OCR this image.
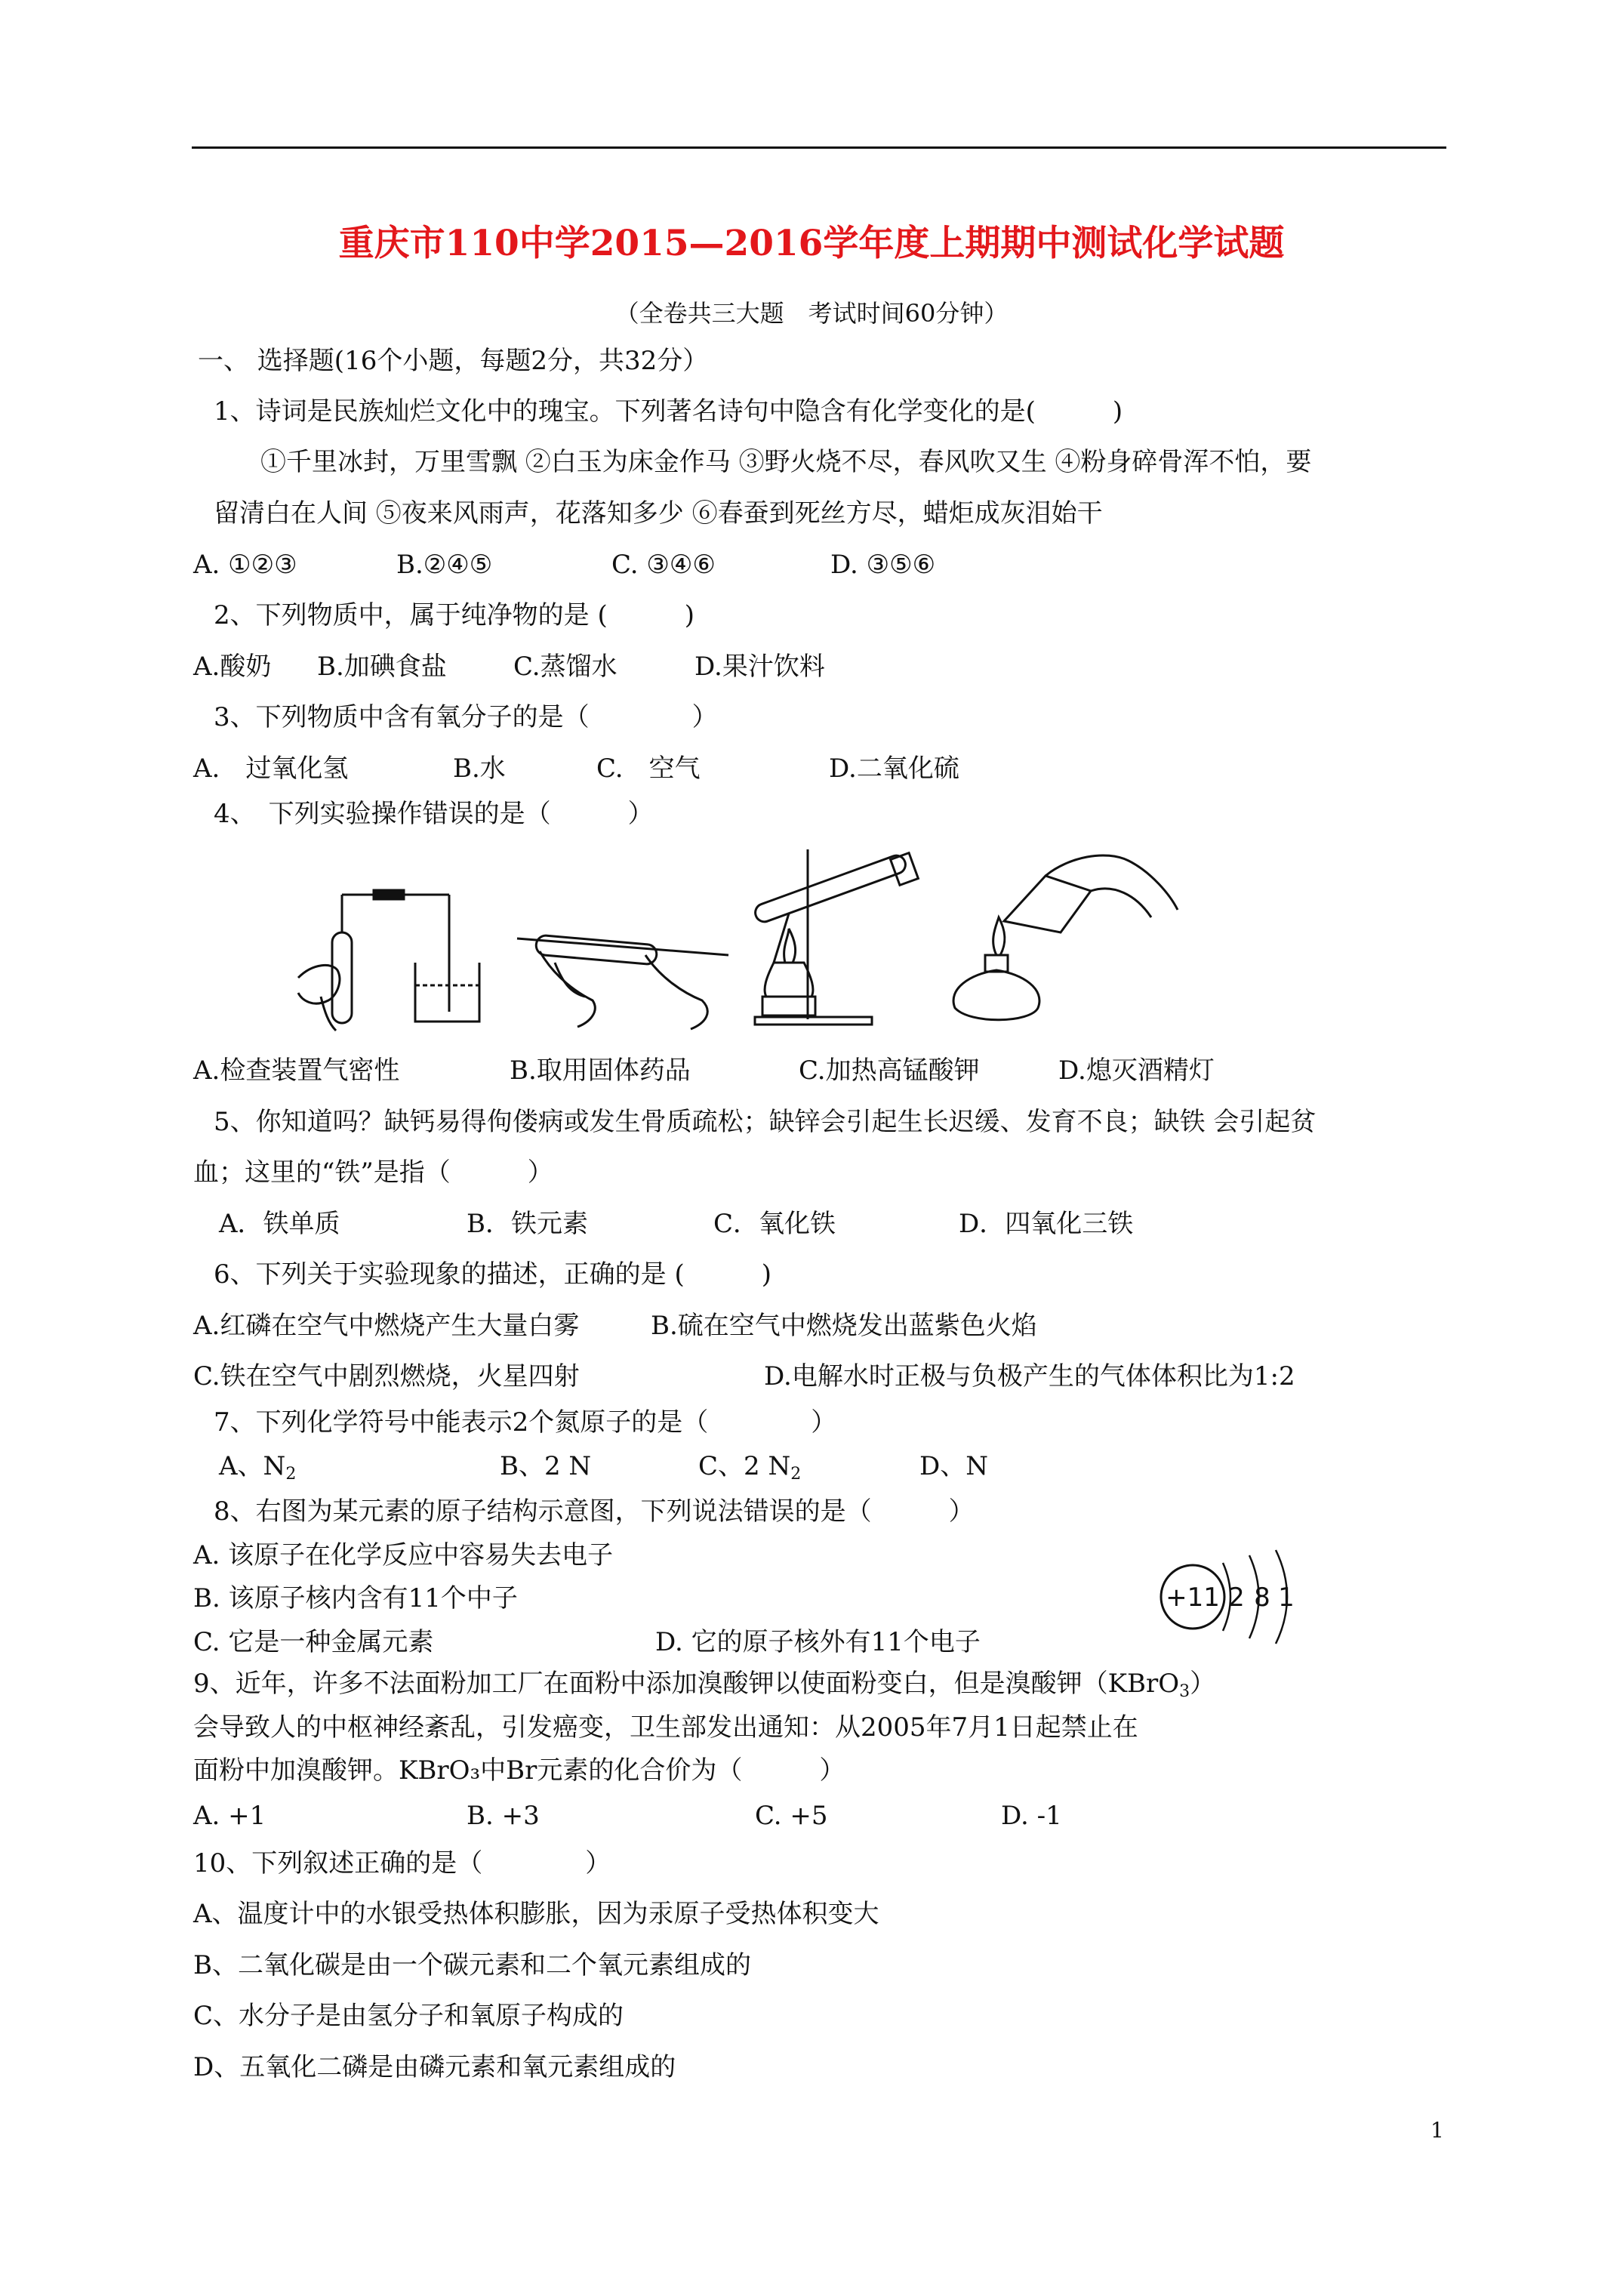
重庆市110中学2015—2016学年度上期期中测试化学试题
（全卷共三大题　考试时间60分钟）
一、 选择题(16个小题，每题2分，共32分）
1、诗词是民族灿烂文化中的瑰宝。下列著名诗句中隐含有化学变化的是(　　　)
①千里冰封，万里雪飘 ②白玉为床金作马 ③野火烧不尽，春风吹又生 ④粉身碎骨浑不怕，要
留清白在人间 ⑤夜来风雨声，花落知多少 ⑥春蚕到死丝方尽，蜡炬成灰泪始干
A. ①②③	B.②④⑤	C. ③④⑥	D. ③⑤⑥
2、下列物质中，属于纯净物的是 (　　　)
A.酸奶 B.加碘食盐	C.蒸馏水	D.果汁饮料
3、下列物质中含有氧分子的是（　　　　）
A.　过氧化氢	B.水	C.　空气	D.二氧化硫
4、　下列实验操作错误的是（　　　）
A.检查装置气密性	B.取用固体药品	C.加热高锰酸钾	D.熄灭酒精灯
5、你知道吗？缺钙易得佝偻病或发生骨质疏松；缺锌会引起生长迟缓、发育不良；缺铁 会引起贫
血；这里的“铁”是指（　　　）
A．铁单质	B．铁元素	C．氧化铁	D．四氧化三铁
6、下列关于实验现象的描述，正确的是 (　　　)
A.红磷在空气中燃烧产生大量白雾	B.硫在空气中燃烧发出蓝紫色火焰
C.铁在空气中剧烈燃烧，火星四射	D.电解水时正极与负极产生的气体体积比为1:2
7、下列化学符号中能表示2个氮原子的是（　　　　）
A、$N_2$	B、2 N	C、2 $N_2$	D、N
8、右图为某元素的原子结构示意图，下列说法错误的是（　　　）
A. 该原子在化学反应中容易失去电子
B. 该原子核内含有11个中子
C. 它是一种金属元素	D. 它的原子核外有11个电子
+11 2 8 1
9、近年，许多不法面粉加工厂在面粉中添加溴酸钾以使面粉变白，但是溴酸钾（KBrO$_3$）
会导致人的中枢神经紊乱，引发癌变，卫生部发出通知：从2005年7月1日起禁止在
面粉中加溴酸钾。KBrO₃中Br元素的化合价为（　　　）
A. +1	B. +3	C. +5	D. -1
10、下列叙述正确的是（　　　　）
A、温度计中的水银受热体积膨胀，因为汞原子受热体积变大
B、二氧化碳是由一个碳元素和二个氧元素组成的
C、水分子是由氢分子和氧原子构成的
D、五氧化二磷是由磷元素和氧元素组成的
1
